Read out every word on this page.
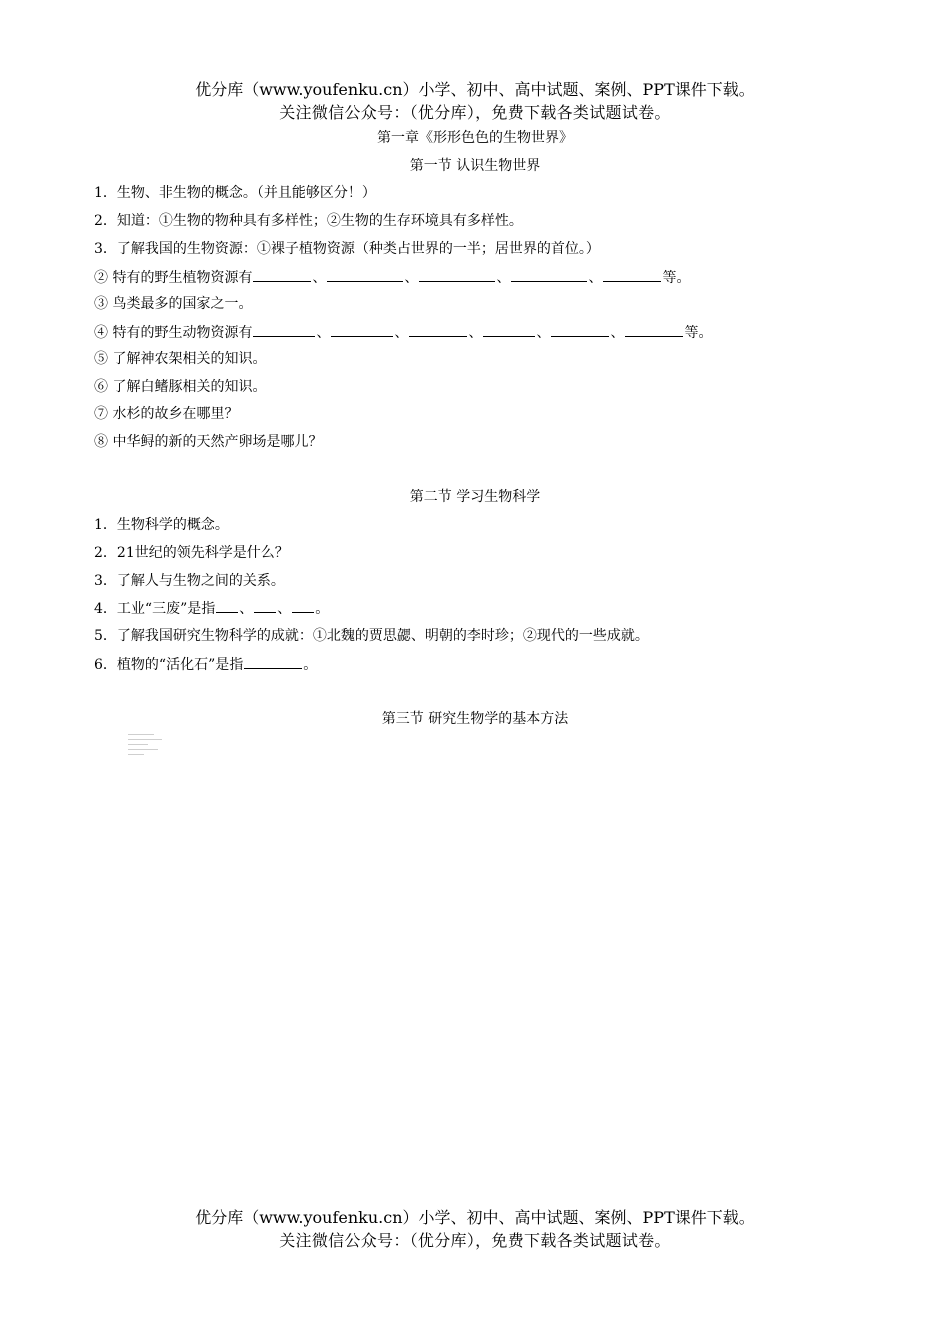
优分库（www.youfenku.cn）小学、初中、高中试题、案例、PPT课件下载。
关注微信公众号：（优分库），免费下载各类试题试卷。
第一章《形形色色的生物世界》
第一节 认识生物世界
1．生物、非生物的概念。（并且能够区分！）
2．知道：①生物的物种具有多样性；②生物的生存环境具有多样性。
3．了解我国的生物资源：①裸子植物资源（种类占世界的一半；居世界的首位。）
② 特有的野生植物资源有	、	、	、	、	等。
③ 鸟类最多的国家之一。
④ 特有的野生动物资源有	、	、	、	、	、	等。
⑤ 了解神农架相关的知识。
⑥ 了解白鳍豚相关的知识。
⑦ 水杉的故乡在哪里？
⑧ 中华鲟的新的天然产卵场是哪儿？
第二节 学习生物科学
1．生物科学的概念。
2．21世纪的领先科学是什么？
3．了解人与生物之间的关系。
4．工业“三废”是指 、 、 。
5．了解我国研究生物科学的成就：①北魏的贾思勰、明朝的李时珍；②现代的一些成就。
6．植物的“活化石”是指	。
第三节 研究生物学的基本方法
优分库（www.youfenku.cn）小学、初中、高中试题、案例、PPT课件下载。
关注微信公众号：（优分库），免费下载各类试题试卷。
